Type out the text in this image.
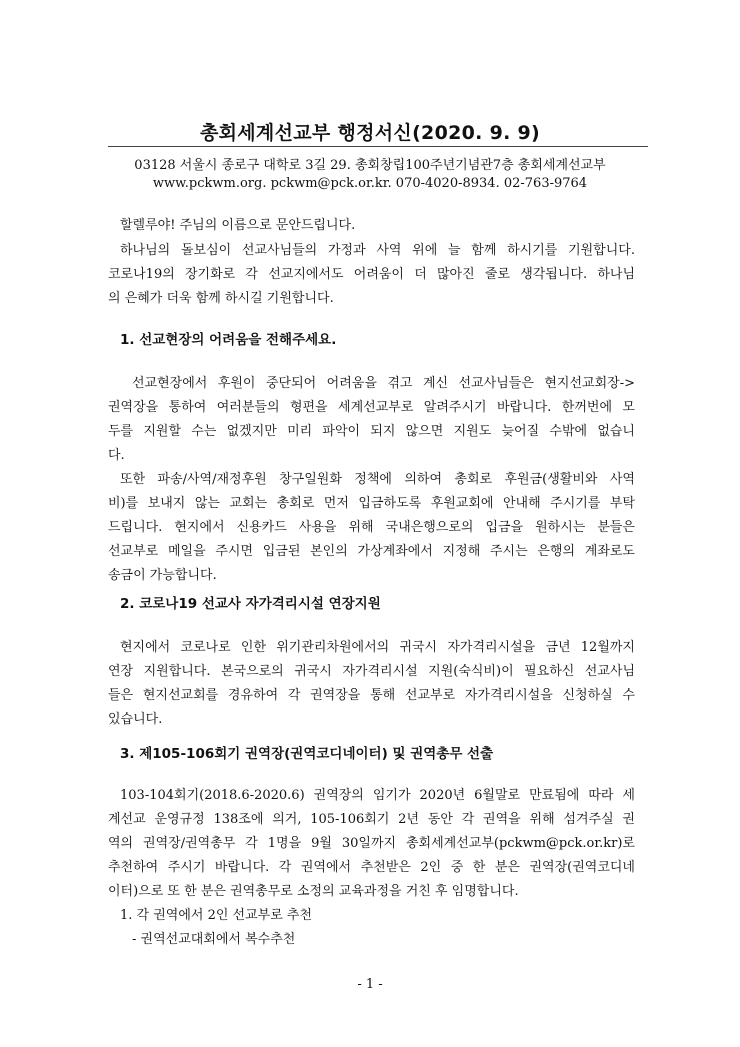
총회세계선교부 행정서신(2020. 9. 9)
03128 서울시 종로구 대학로 3길 29. 총회창립100주년기념관7층 총회세계선교부
www.pckwm.org. pckwm@pck.or.kr. 070-4020-8934. 02-763-9764
할렐루야! 주님의 이름으로 문안드립니다.
하나님의 돌보심이 선교사님들의 가정과 사역 위에 늘 함께 하시기를 기원합니다.
코로나19의 장기화로 각 선교지에서도 어려움이 더 많아진 줄로 생각됩니다. 하나님
의 은혜가 더욱 함께 하시길 기원합니다.
1. 선교현장의 어려움을 전해주세요.
선교현장에서 후원이 중단되어 어려움을 겪고 계신 선교사님들은 현지선교회장->
권역장을 통하여 여러분들의 형편을 세계선교부로 알려주시기 바랍니다. 한꺼번에 모
두를 지원할 수는 없겠지만 미리 파악이 되지 않으면 지원도 늦어질 수밖에 없습니
다.
또한 파송/사역/재정후원 창구일원화 정책에 의하여 총회로 후원금(생활비와 사역
비)를 보내지 않는 교회는 총회로 먼저 입금하도록 후원교회에 안내해 주시기를 부탁
드립니다. 현지에서 신용카드 사용을 위해 국내은행으로의 입금을 원하시는 분들은
선교부로 메일을 주시면 입금된 본인의 가상계좌에서 지정해 주시는 은행의 계좌로도
송금이 가능합니다.
2. 코로나19 선교사 자가격리시설 연장지원
현지에서 코로나로 인한 위기관리차원에서의 귀국시 자가격리시설을 금년 12월까지
연장 지원합니다. 본국으로의 귀국시 자가격리시설 지원(숙식비)이 필요하신 선교사님
들은 현지선교회를 경유하여 각 권역장을 통해 선교부로 자가격리시설을 신청하실 수
있습니다.
3. 제105-106회기 권역장(권역코디네이터) 및 권역총무 선출
103-104회기(2018.6-2020.6) 권역장의 임기가 2020년 6월말로 만료됨에 따라 세
계선교 운영규정 138조에 의거, 105-106회기 2년 동안 각 권역을 위해 섬겨주실 권
역의 권역장/권역총무 각 1명을 9월 30일까지 총회세계선교부(pckwm@pck.or.kr)로
추천하여 주시기 바랍니다. 각 권역에서 추천받은 2인 중 한 분은 권역장(권역코디네
이터)으로 또 한 분은 권역총무로 소정의 교육과정을 거친 후 임명합니다.
1. 각 권역에서 2인 선교부로 추천
- 권역선교대회에서 복수추천
- 1 -
